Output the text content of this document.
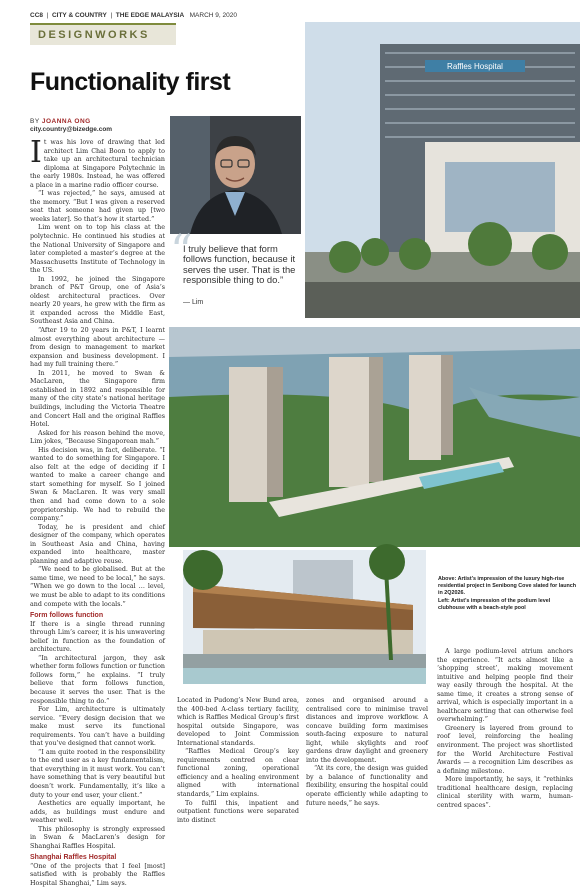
CC8  |  CITY & COUNTRY  |  THE EDGE MALAYSIA MARCH 9, 2020
DESIGNWORKS
Functionality first
BY JOANNA ONG
city.country@bizedge.com

It was his love of drawing that led architect Lim Chai Boon to apply to take up an architectural technician diploma at Singapore Polytechnic in the early 1980s. Instead, he was offered a place in a marine radio officer course.

“I was rejected,” he says, amused at the memory. “But I was given a reserved seat that someone had given up [two weeks later]. So that’s how it started.”

Lim went on to top his class at the polytechnic. He continued his studies at the National University of Singapore and later completed a master’s degree at the Massachusetts Institute of Technology in the US.

In 1992, he joined the Singapore branch of P&T Group, one of Asia’s oldest architectural practices. Over nearly 20 years, he grew with the firm as it expanded across the Middle East, Southeast Asia and China.

“After 19 to 20 years in P&T, I learnt almost everything about architecture — from design to management to market expansion and business development. I had my full training there.”

In 2011, he moved to Swan & MacLaren, the Singapore firm established in 1892 and responsible for many of the city state’s national heritage buildings, including the Victoria Theatre and Concert Hall and the original Raffles Hotel.

Asked for his reason behind the move, Lim jokes, “Because Singaporean mah.”

His decision was, in fact, deliberate. “I wanted to do something for Singapore. I also felt at the edge of deciding if I wanted to make a career change and start something for myself. So I joined Swan & MacLaren. It was very small then and had come down to a sole proprietorship. We had to rebuild the company.”

Today, he is president and chief designer of the company, which operates in Southeast Asia and China, having expanded into healthcare, master planning and adaptive reuse.

“We need to be globalised. But at the same time, we need to be local,” he says. “When we go down to the local … level, we must be able to adapt to its conditions and compete with the locals.”

Form follows function

If there is a single thread running through Lim’s career, it is his unwavering belief in function as the foundation of architecture.

“In architectural jargon, they ask whether form follows function or function follows form,” he explains. “I truly believe that form follows function, because it serves the user. That is the responsible thing to do.”

For Lim, architecture is ultimately service. “Every design decision that we make must serve its functional requirements. You can’t have a building that you’ve designed that cannot work.

“I am quite rooted in the responsibility to the end user as a key fundamentalism, that everything in it must work. You can’t have something that is very beautiful but doesn’t work. Fundamentally, it’s like a duty to your end user, your client.”

Aesthetics are equally important, he adds, as buildings must endure and weather well.

This philosophy is strongly expressed in Swan & MacLaren’s design for Shanghai Raffles Hospital.

Shanghai Raffles Hospital

“One of the projects that I feel [most] satisfied with is probably the Raffles Hospital Shanghai,” Lim says.

“
I truly believe that form follows function, because it serves the user. That is the responsible thing to do.”
— Lim
Raffles Hospital
Above: Artist’s impression of the luxury high-rise residential project in Senibong Cove slated for launch in 2Q2026.
Left: Artist’s impression of the podium level clubhouse with a beach-style pool

Located in Pudong’s New Bund area, the 400-bed A-class tertiary facility, which is Raffles Medical Group’s first hospital outside Singapore, was developed to Joint Commission International standards.

“Raffles Medical Group’s key requirements centred on clear functional zoning, operational efficiency and a healing environment aligned with international standards,” Lim explains.

To fulfil this, inpatient and outpatient functions were separated into distinct

zones and organised around a centralised core to minimise travel distances and improve workflow. A concave building form maximises south-facing exposure to natural light, while skylights and roof gardens draw daylight and greenery into the development.

“At its core, the design was guided by a balance of functionality and flexibility, ensuring the hospital could operate efficiently while adapting to future needs,” he says.

A large podium-level atrium anchors the experience. “It acts almost like a ‘shopping street’, making movement intuitive and helping people find their way easily through the hospital. At the same time, it creates a strong sense of arrival, which is especially important in a healthcare setting that can otherwise feel overwhelming.”

Greenery is layered from ground to roof level, reinforcing the healing environment. The project was shortlisted for the World Architecture Festival Awards — a recognition Lim describes as a defining milestone.

More importantly, he says, it “rethinks traditional healthcare design, replacing clinical sterility with warm, human-centred spaces”.
